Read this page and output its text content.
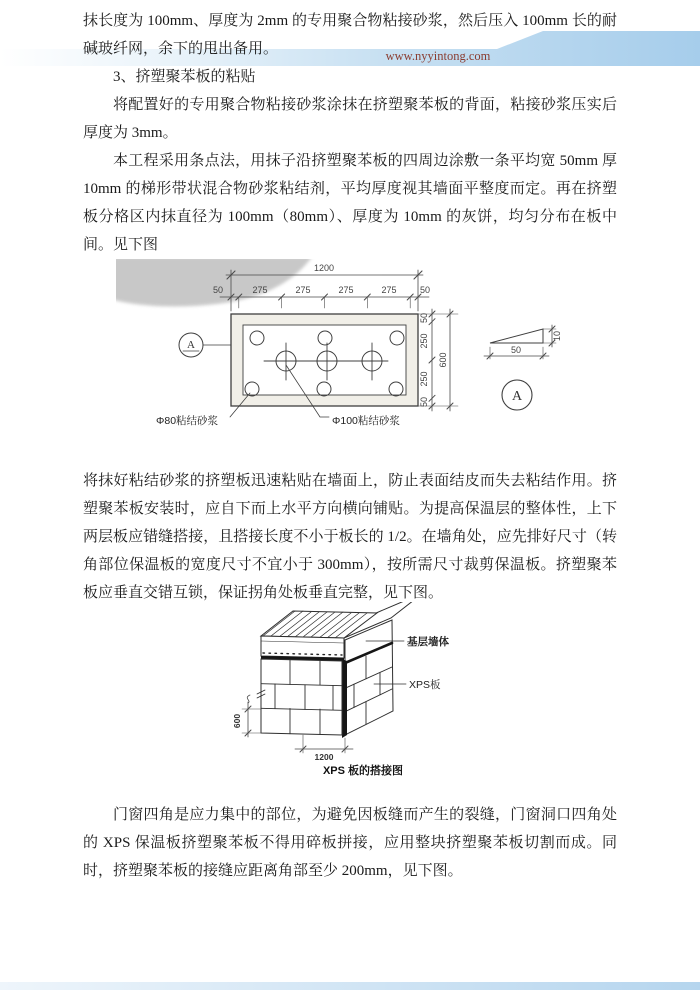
www.nyyintong.com

抹长度为 100mm、厚度为 2mm 的专用聚合物粘接砂浆，然后压入 100mm 长的耐碱玻纤网，余下的甩出备用。

3、挤塑聚苯板的粘贴

将配置好的专用聚合物粘接砂浆涂抹在挤塑聚苯板的背面，粘接砂浆压实后厚度为 3mm。

本工程采用条点法，用抹子沿挤塑聚苯板的四周边涂敷一条平均宽 50mm 厚 10mm 的梯形带状混合物砂浆粘结剂，平均厚度视其墙面平整度而定。再在挤塑板分格区内抹直径为 100mm（80mm）、厚度为 10mm 的灰饼，均匀分布在板中间。见下图

1200
50	275	275	275	275	50
50
250
250
50
600
A
10
50
A
Φ80粘结砂浆	Φ100粘结砂浆

将抹好粘结砂浆的挤塑板迅速粘贴在墙面上，防止表面结皮而失去粘结作用。挤塑聚苯板安装时，应自下而上水平方向横向铺贴。为提高保温层的整体性，上下两层板应错缝搭接，且搭接长度不小于板长的 1/2。在墙角处，应先排好尺寸（转角部位保温板的宽度尺寸不宜小于 300mm），按所需尺寸裁剪保温板。挤塑聚苯板应垂直交错互锁，保证拐角处板垂直完整，见下图。

600
1200
基层墙体
XPS板
XPS 板的搭接图

门窗四角是应力集中的部位，为避免因板缝而产生的裂缝，门窗洞口四角处的 XPS 保温板挤塑聚苯板不得用碎板拼接，应用整块挤塑聚苯板切割而成。同时，挤塑聚苯板的接缝应距离角部至少 200mm，见下图。
